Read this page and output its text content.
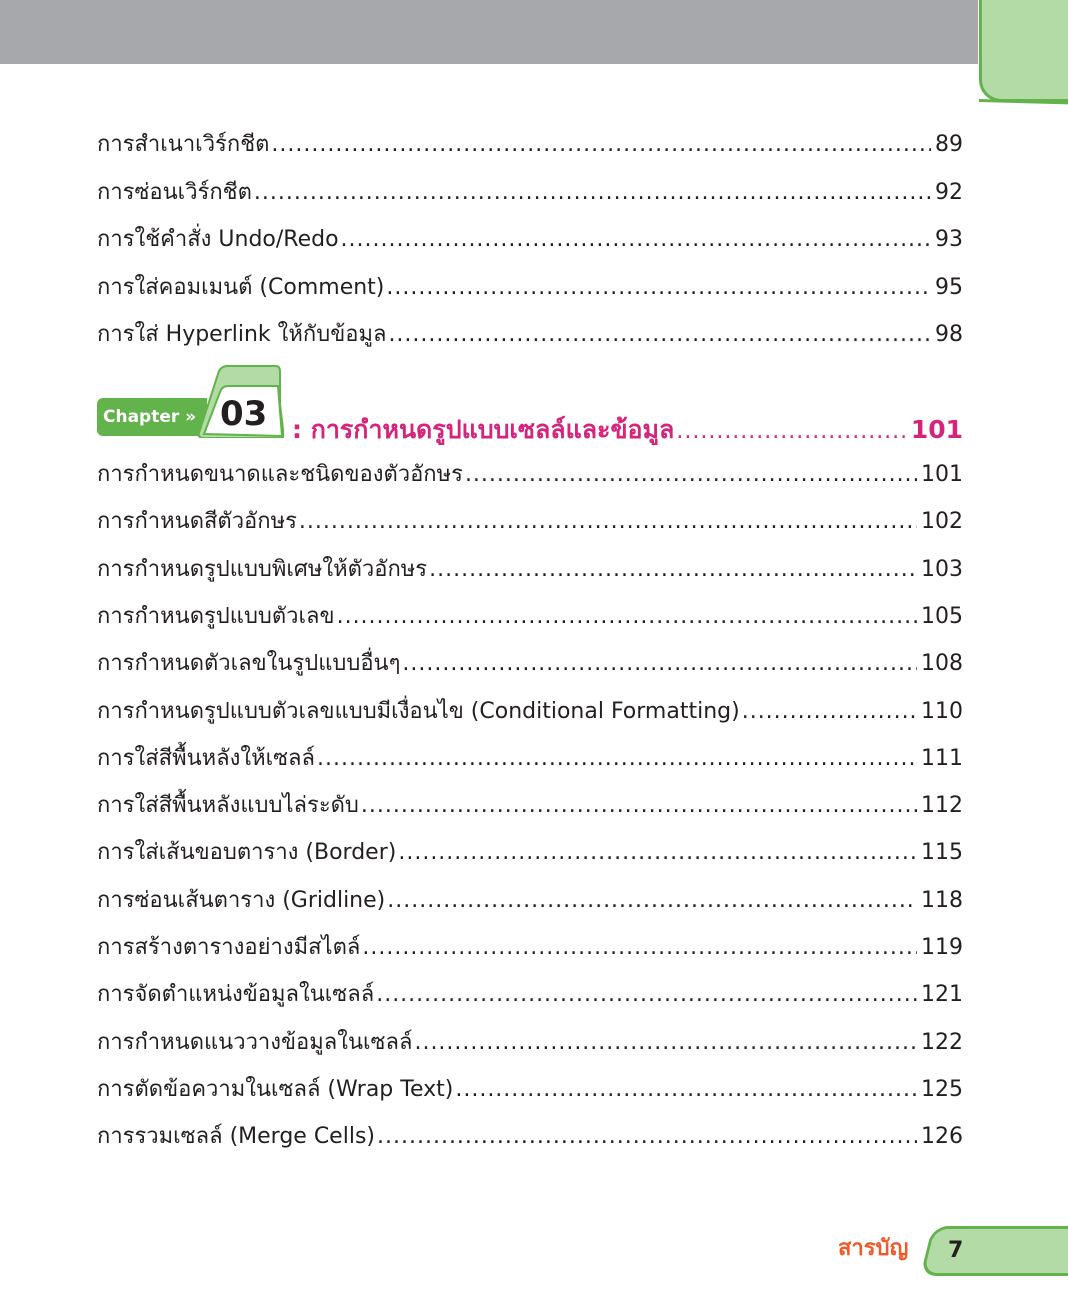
การสำเนาเวิร์กชีต .....	89
การซ่อนเวิร์กชีต .....	92
การใช้คำสั่ง Undo/Redo .....	93
การใส่คอมเมนต์ (Comment) .....	95
การใส่ Hyperlink ให้กับข้อมูล .....	98
Chapter » 03 : การกำหนดรูปแบบเซลล์และข้อมูล .....	101
การกำหนดขนาดและชนิดของตัวอักษร .....	101
การกำหนดสีตัวอักษร .....	102
การกำหนดรูปแบบพิเศษให้ตัวอักษร .....	103
การกำหนดรูปแบบตัวเลข .....	105
การกำหนดตัวเลขในรูปแบบอื่นๆ .....	108
การกำหนดรูปแบบตัวเลขแบบมีเงื่อนไข (Conditional Formatting) .....	110
การใส่สีพื้นหลังให้เซลล์ .....	111
การใส่สีพื้นหลังแบบไล่ระดับ .....	112
การใส่เส้นขอบตาราง (Border) .....	115
การซ่อนเส้นตาราง (Gridline) .....	118
การสร้างตารางอย่างมีสไตล์ .....	119
การจัดตำแหน่งข้อมูลในเซลล์ .....	121
การกำหนดแนววางข้อมูลในเซลล์ .....	122
การตัดข้อความในเซลล์ (Wrap Text) .....	125
การรวมเซลล์ (Merge Cells) .....	126
สารบัญ 7
